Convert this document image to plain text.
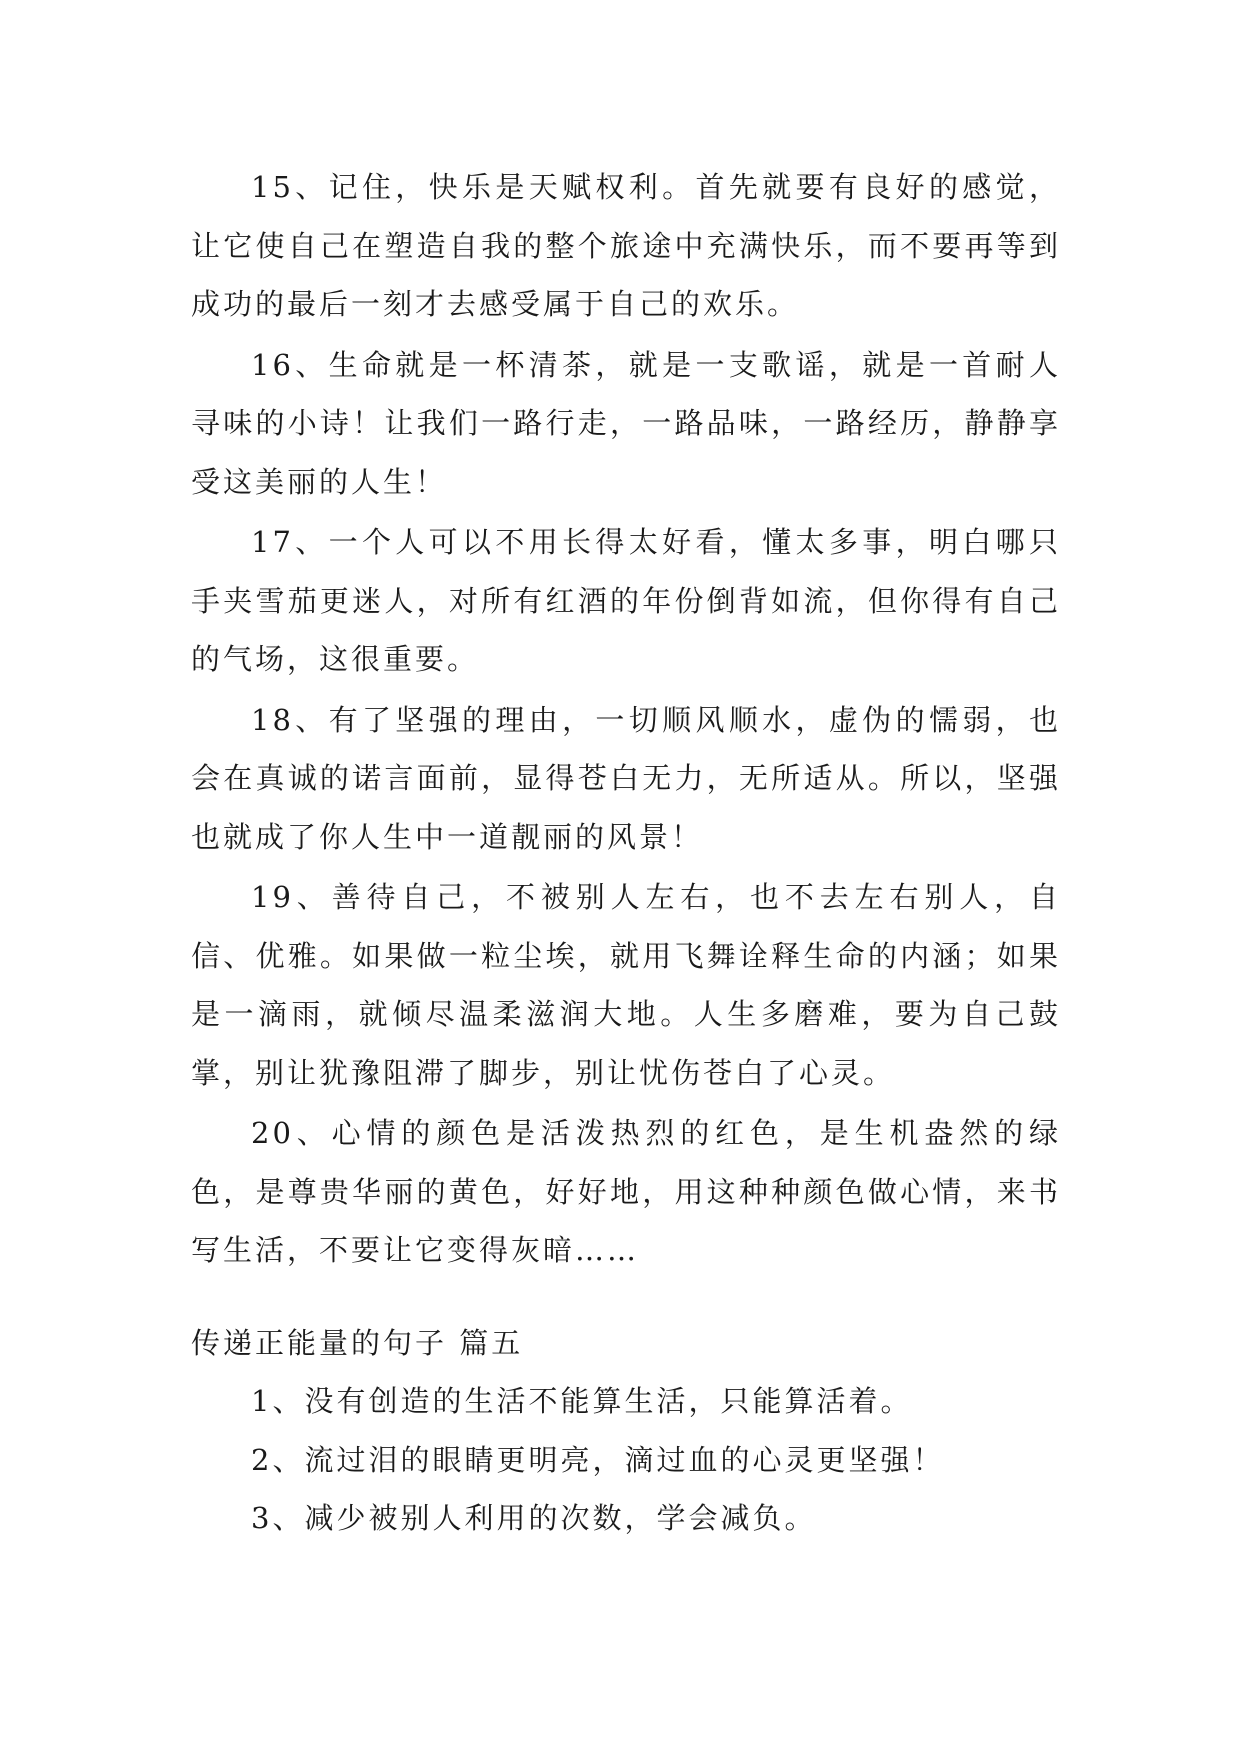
15、记住，快乐是天赋权利。首先就要有良好的感觉，让它使自己在塑造自我的整个旅途中充满快乐，而不要再等到成功的最后一刻才去感受属于自己的欢乐。

16、生命就是一杯清茶，就是一支歌谣，就是一首耐人寻味的小诗！让我们一路行走，一路品味，一路经历，静静享受这美丽的人生！

17、一个人可以不用长得太好看，懂太多事，明白哪只手夹雪茄更迷人，对所有红酒的年份倒背如流，但你得有自己的气场，这很重要。

18、有了坚强的理由，一切顺风顺水，虚伪的懦弱，也会在真诚的诺言面前，显得苍白无力，无所适从。所以，坚强也就成了你人生中一道靓丽的风景！

19、善待自己，不被别人左右，也不去左右别人，自信、优雅。如果做一粒尘埃，就用飞舞诠释生命的内涵；如果是一滴雨，就倾尽温柔滋润大地。人生多磨难，要为自己鼓掌，别让犹豫阻滞了脚步，别让忧伤苍白了心灵。

20、心情的颜色是活泼热烈的红色，是生机盎然的绿色，是尊贵华丽的黄色，好好地，用这种种颜色做心情，来书写生活，不要让它变得灰暗……

传递正能量的句子 篇五

1、没有创造的生活不能算生活，只能算活着。

2、流过泪的眼睛更明亮，滴过血的心灵更坚强！

3、减少被别人利用的次数，学会减负。
